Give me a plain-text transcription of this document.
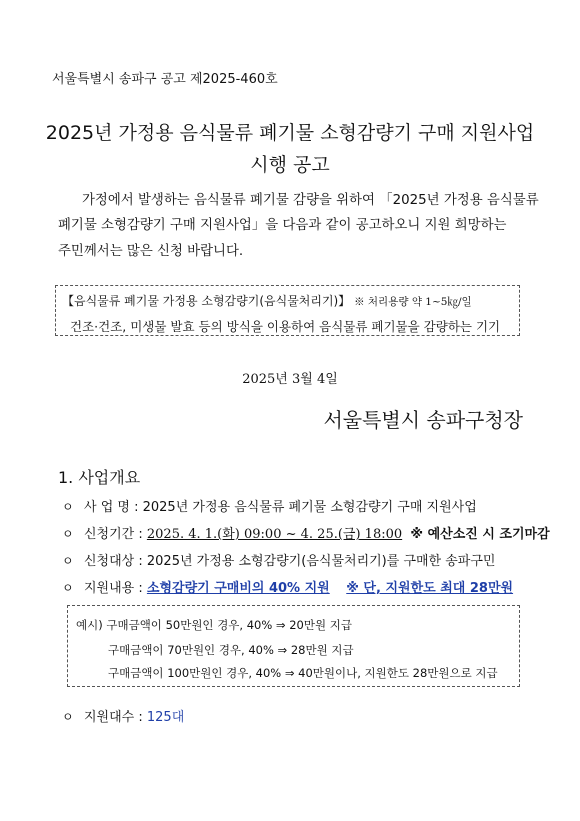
서울특별시 송파구 공고 제2025-460호
2025년 가정용 음식물류 폐기물 소형감량기 구매 지원사업
시행 공고
가정에서 발생하는 음식물류 폐기물 감량을 위하여 「2025년 가정용 음식물류
폐기물 소형감량기 구매 지원사업」을 다음과 같이 공고하오니 지원 희망하는
주민께서는 많은 신청 바랍니다.
【음식물류 폐기물 가정용 소형감량기(음식물처리기)】 ※ 처리용량 약 1~5㎏/일
건조·건조, 미생물 발효 등의 방식을 이용하여 음식물류 폐기물을 감량하는 기기
2025년 3월 4일
서울특별시 송파구청장
1. 사업개요
ㅇ 사 업 명 : 2025년 가정용 음식물류 폐기물 소형감량기 구매 지원사업
ㅇ 신청기간 : 2025. 4. 1.(화) 09:00 ~ 4. 25.(금) 18:00 ※ 예산소진 시 조기마감
ㅇ 신청대상 : 2025년 가정용 소형감량기(음식물처리기)를 구매한 송파구민
ㅇ 지원내용 : 소형감량기 구매비의 40% 지원 ※ 단, 지원한도 최대 28만원
예시) 구매금액이 50만원인 경우, 40% ⇒ 20만원 지급
구매금액이 70만원인 경우, 40% ⇒ 28만원 지급
구매금액이 100만원인 경우, 40% ⇒ 40만원이나, 지원한도 28만원으로 지급
ㅇ 지원대수 : 125대
